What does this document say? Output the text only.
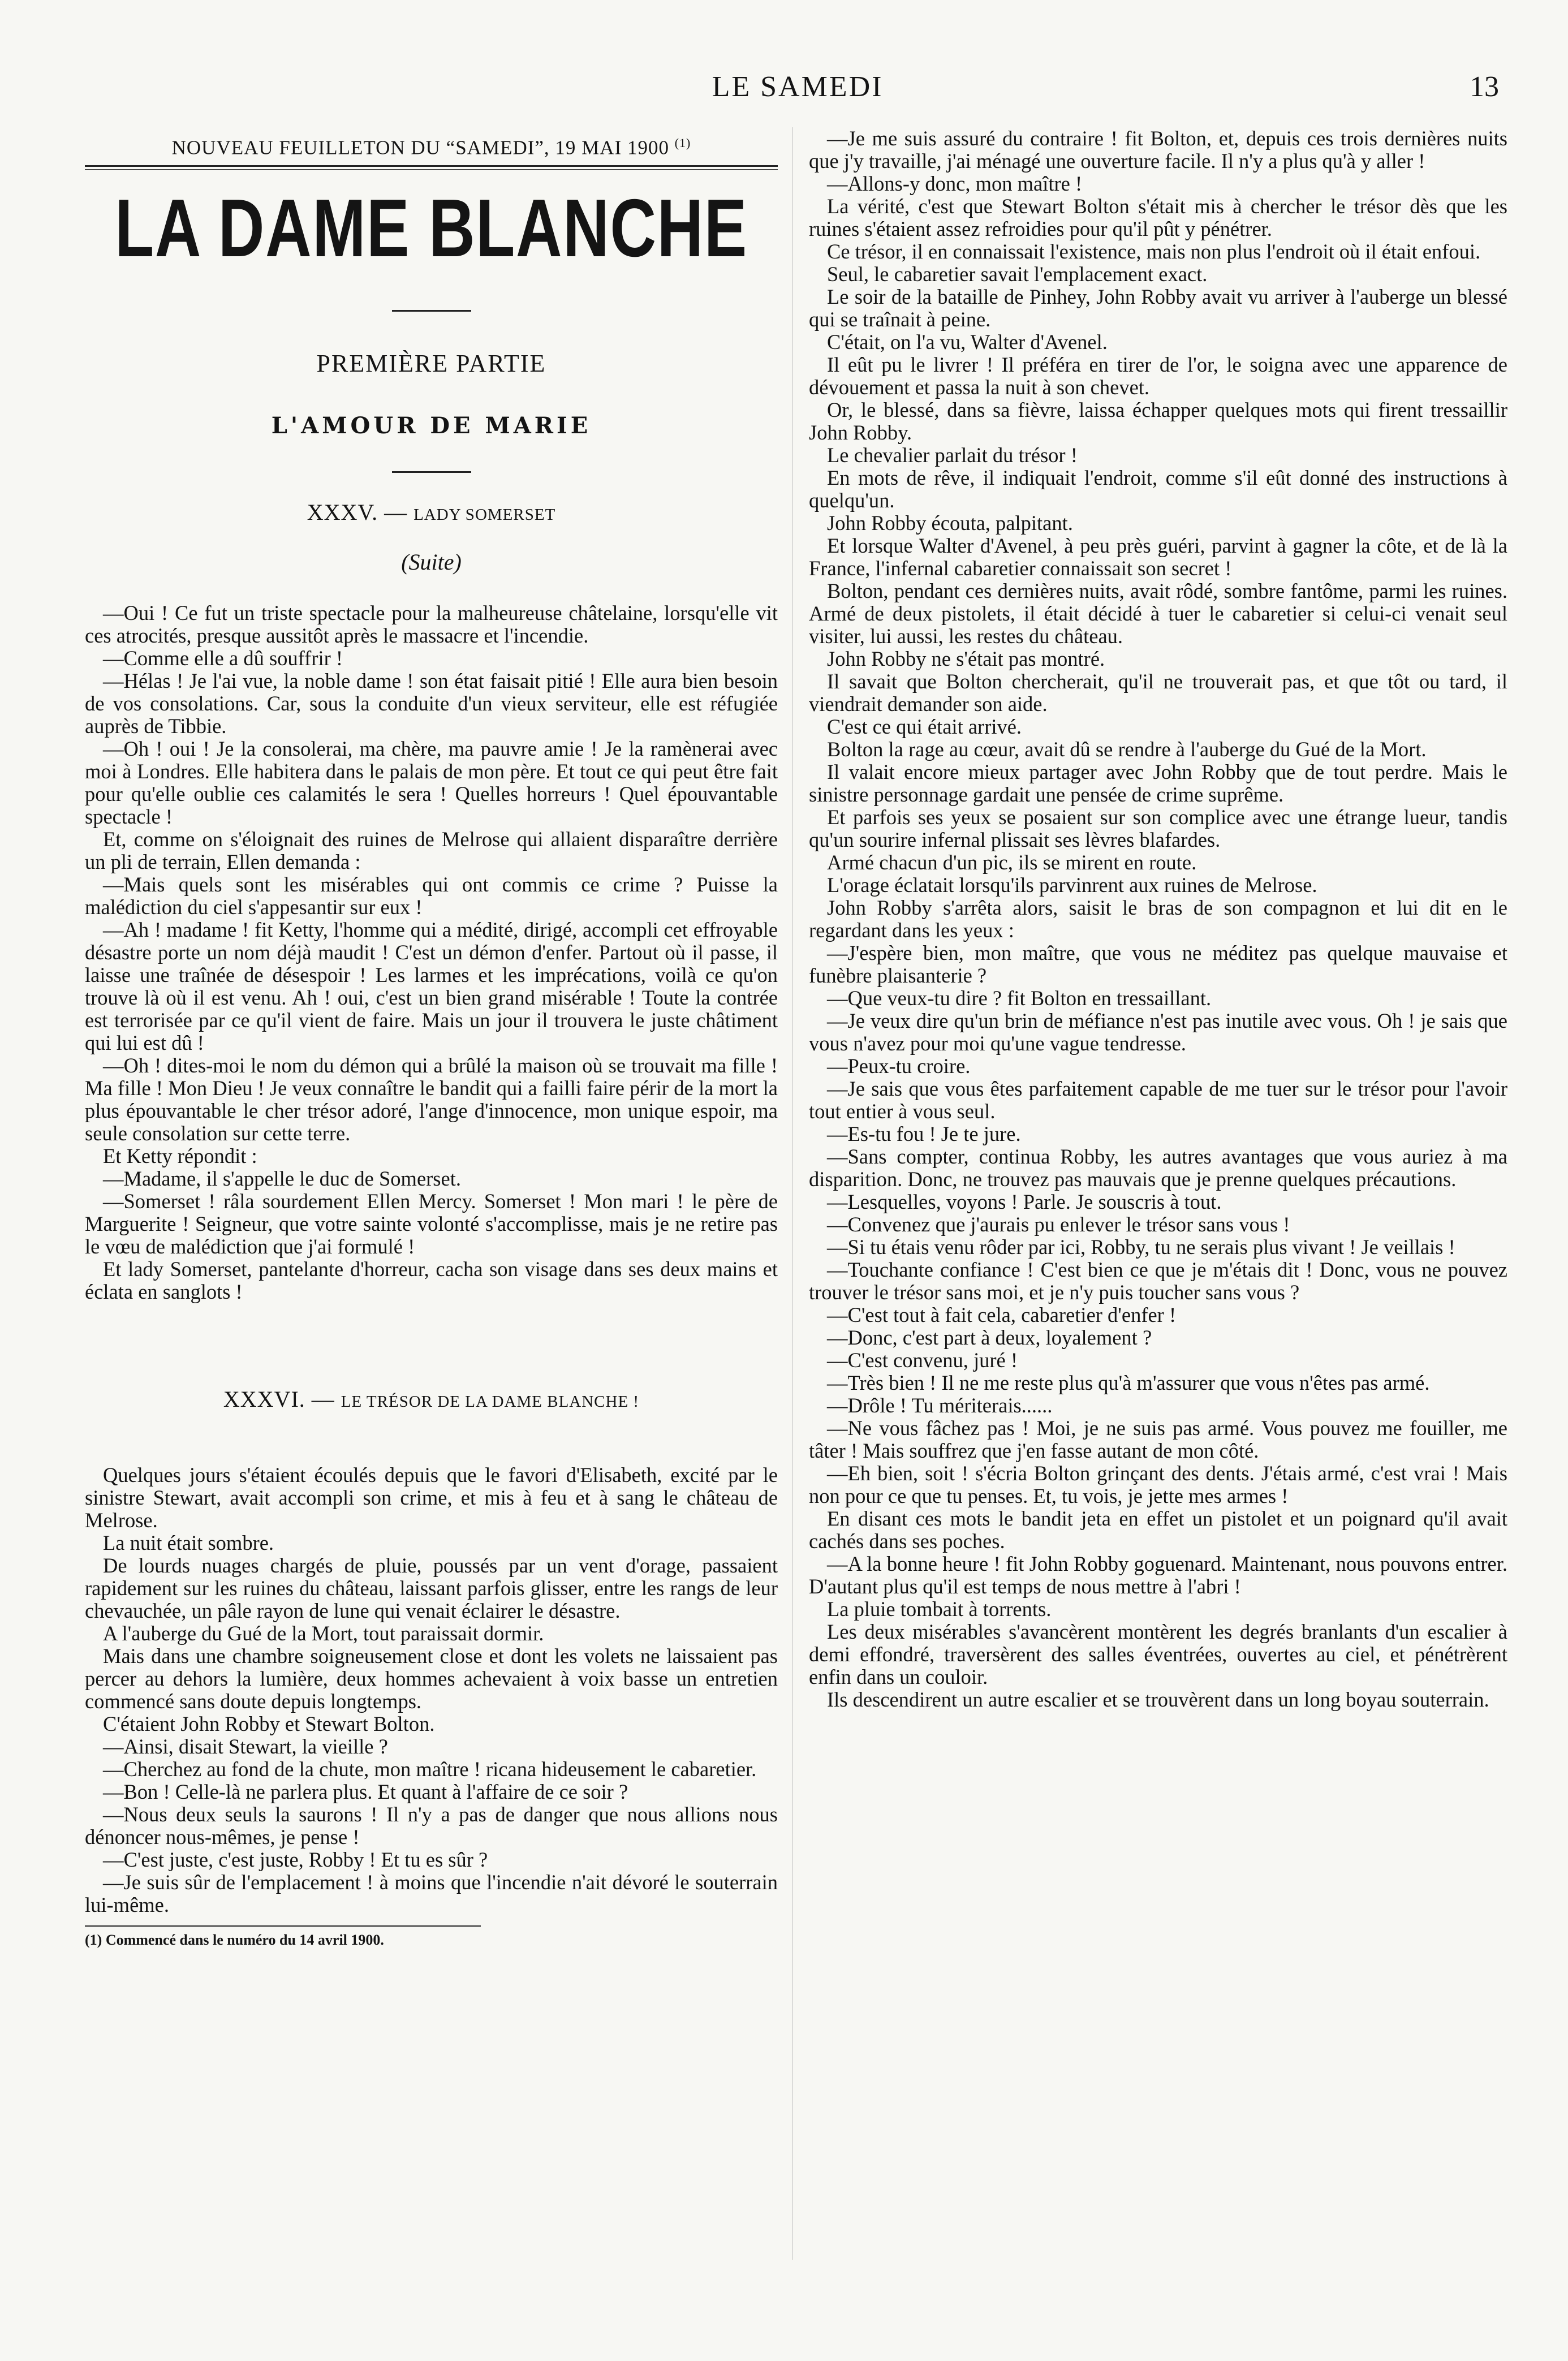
LE SAMEDI	13
NOUVEAU FEUILLETON DU “SAMEDI”, 19 MAI 1900 $^{(1)}$
LA DAME BLANCHE
PREMIÈRE PARTIE
L'AMOUR DE MARIE
XXXV. — LADY SOMERSET
(Suite)

—Oui ! Ce fut un triste spectacle pour la malheureuse châtelaine, lorsqu'elle vit ces atrocités, presque aussitôt après le massacre et l'incendie.

—Comme elle a dû souffrir !

—Hélas ! Je l'ai vue, la noble dame ! son état faisait pitié ! Elle aura bien besoin de vos consolations. Car, sous la conduite d'un vieux serviteur, elle est réfugiée auprès de Tibbie.

—Oh ! oui ! Je la consolerai, ma chère, ma pauvre amie ! Je la ramènerai avec moi à Londres. Elle habitera dans le palais de mon père. Et tout ce qui peut être fait pour qu'elle oublie ces calamités le sera ! Quelles horreurs ! Quel épouvantable spectacle !

Et, comme on s'éloignait des ruines de Melrose qui allaient disparaître derrière un pli de terrain, Ellen demanda :

—Mais quels sont les misérables qui ont commis ce crime ? Puisse la malédiction du ciel s'appesantir sur eux !

—Ah ! madame ! fit Ketty, l'homme qui a médité, dirigé, accompli cet effroyable désastre porte un nom déjà maudit ! C'est un démon d'enfer. Partout où il passe, il laisse une traînée de désespoir ! Les larmes et les imprécations, voilà ce qu'on trouve là où il est venu. Ah ! oui, c'est un bien grand misérable ! Toute la contrée est terrorisée par ce qu'il vient de faire. Mais un jour il trouvera le juste châtiment qui lui est dû !

—Oh ! dites-moi le nom du démon qui a brûlé la maison où se trouvait ma fille ! Ma fille ! Mon Dieu ! Je veux connaître le bandit qui a failli faire périr de la mort la plus épouvantable le cher trésor adoré, l'ange d'innocence, mon unique espoir, ma seule consolation sur cette terre.

Et Ketty répondit :

—Madame, il s'appelle le duc de Somerset.

—Somerset ! râla sourdement Ellen Mercy. Somerset ! Mon mari ! le père de Marguerite ! Seigneur, que votre sainte volonté s'accomplisse, mais je ne retire pas le vœu de malédiction que j'ai formulé !

Et lady Somerset, pantelante d'horreur, cacha son visage dans ses deux mains et éclata en sanglots !

XXXVI. — LE TRÉSOR DE LA DAME BLANCHE !

Quelques jours s'étaient écoulés depuis que le favori d'Elisabeth, excité par le sinistre Stewart, avait accompli son crime, et mis à feu et à sang le château de Melrose.

La nuit était sombre.

De lourds nuages chargés de pluie, poussés par un vent d'orage, passaient rapidement sur les ruines du château, laissant parfois glisser, entre les rangs de leur chevauchée, un pâle rayon de lune qui venait éclairer le désastre.

A l'auberge du Gué de la Mort, tout paraissait dormir.

Mais dans une chambre soigneusement close et dont les volets ne laissaient pas percer au dehors la lumière, deux hommes achevaient à voix basse un entretien commencé sans doute depuis longtemps.

C'étaient John Robby et Stewart Bolton.

—Ainsi, disait Stewart, la vieille ?

—Cherchez au fond de la chute, mon maître ! ricana hideusement le cabaretier.

—Bon ! Celle-là ne parlera plus. Et quant à l'affaire de ce soir ?

—Nous deux seuls la saurons ! Il n'y a pas de danger que nous allions nous dénoncer nous-mêmes, je pense !

—C'est juste, c'est juste, Robby ! Et tu es sûr ?

—Je suis sûr de l'emplacement ! à moins que l'incendie n'ait dévoré le souterrain lui-même.

(1) Commencé dans le numéro du 14 avril 1900.

—Je me suis assuré du contraire ! fit Bolton, et, depuis ces trois dernières nuits que j'y travaille, j'ai ménagé une ouverture facile. Il n'y a plus qu'à y aller !

—Allons-y donc, mon maître !

La vérité, c'est que Stewart Bolton s'était mis à chercher le trésor dès que les ruines s'étaient assez refroidies pour qu'il pût y pénétrer.

Ce trésor, il en connaissait l'existence, mais non plus l'endroit où il était enfoui.

Seul, le cabaretier savait l'emplacement exact.

Le soir de la bataille de Pinhey, John Robby avait vu arriver à l'auberge un blessé qui se traînait à peine.

C'était, on l'a vu, Walter d'Avenel.

Il eût pu le livrer ! Il préféra en tirer de l'or, le soigna avec une apparence de dévouement et passa la nuit à son chevet.

Or, le blessé, dans sa fièvre, laissa échapper quelques mots qui firent tressaillir John Robby.

Le chevalier parlait du trésor !

En mots de rêve, il indiquait l'endroit, comme s'il eût donné des instructions à quelqu'un.

John Robby écouta, palpitant.

Et lorsque Walter d'Avenel, à peu près guéri, parvint à gagner la côte, et de là la France, l'infernal cabaretier connaissait son secret !

Bolton, pendant ces dernières nuits, avait rôdé, sombre fantôme, parmi les ruines. Armé de deux pistolets, il était décidé à tuer le cabaretier si celui-ci venait seul visiter, lui aussi, les restes du château.

John Robby ne s'était pas montré.

Il savait que Bolton chercherait, qu'il ne trouverait pas, et que tôt ou tard, il viendrait demander son aide.

C'est ce qui était arrivé.

Bolton la rage au cœur, avait dû se rendre à l'auberge du Gué de la Mort.

Il valait encore mieux partager avec John Robby que de tout perdre. Mais le sinistre personnage gardait une pensée de crime suprême.

Et parfois ses yeux se posaient sur son complice avec une étrange lueur, tandis qu'un sourire infernal plissait ses lèvres blafardes.

Armé chacun d'un pic, ils se mirent en route.

L'orage éclatait lorsqu'ils parvinrent aux ruines de Melrose.

John Robby s'arrêta alors, saisit le bras de son compagnon et lui dit en le regardant dans les yeux :

—J'espère bien, mon maître, que vous ne méditez pas quelque mauvaise et funèbre plaisanterie ?

—Que veux-tu dire ? fit Bolton en tressaillant.

—Je veux dire qu'un brin de méfiance n'est pas inutile avec vous. Oh ! je sais que vous n'avez pour moi qu'une vague tendresse.

—Peux-tu croire.

—Je sais que vous êtes parfaitement capable de me tuer sur le trésor pour l'avoir tout entier à vous seul.

—Es-tu fou ! Je te jure.

—Sans compter, continua Robby, les autres avantages que vous auriez à ma disparition. Donc, ne trouvez pas mauvais que je prenne quelques précautions.

—Lesquelles, voyons ! Parle. Je souscris à tout.

—Convenez que j'aurais pu enlever le trésor sans vous !

—Si tu étais venu rôder par ici, Robby, tu ne serais plus vivant ! Je veillais !

—Touchante confiance ! C'est bien ce que je m'étais dit ! Donc, vous ne pouvez trouver le trésor sans moi, et je n'y puis toucher sans vous ?

—C'est tout à fait cela, cabaretier d'enfer !

—Donc, c'est part à deux, loyalement ?

—C'est convenu, juré !

—Très bien ! Il ne me reste plus qu'à m'assurer que vous n'êtes pas armé.

—Drôle ! Tu mériterais......

—Ne vous fâchez pas ! Moi, je ne suis pas armé. Vous pouvez me fouiller, me tâter ! Mais souffrez que j'en fasse autant de mon côté.

—Eh bien, soit ! s'écria Bolton grinçant des dents. J'étais armé, c'est vrai ! Mais non pour ce que tu penses. Et, tu vois, je jette mes armes !

En disant ces mots le bandit jeta en effet un pistolet et un poignard qu'il avait cachés dans ses poches.

—A la bonne heure ! fit John Robby goguenard. Maintenant, nous pouvons entrer. D'autant plus qu'il est temps de nous mettre à l'abri !

La pluie tombait à torrents.

Les deux misérables s'avancèrent montèrent les degrés branlants d'un escalier à demi effondré, traversèrent des salles éventrées, ouvertes au ciel, et pénétrèrent enfin dans un couloir.

Ils descendirent un autre escalier et se trouvèrent dans un long boyau souterrain.
